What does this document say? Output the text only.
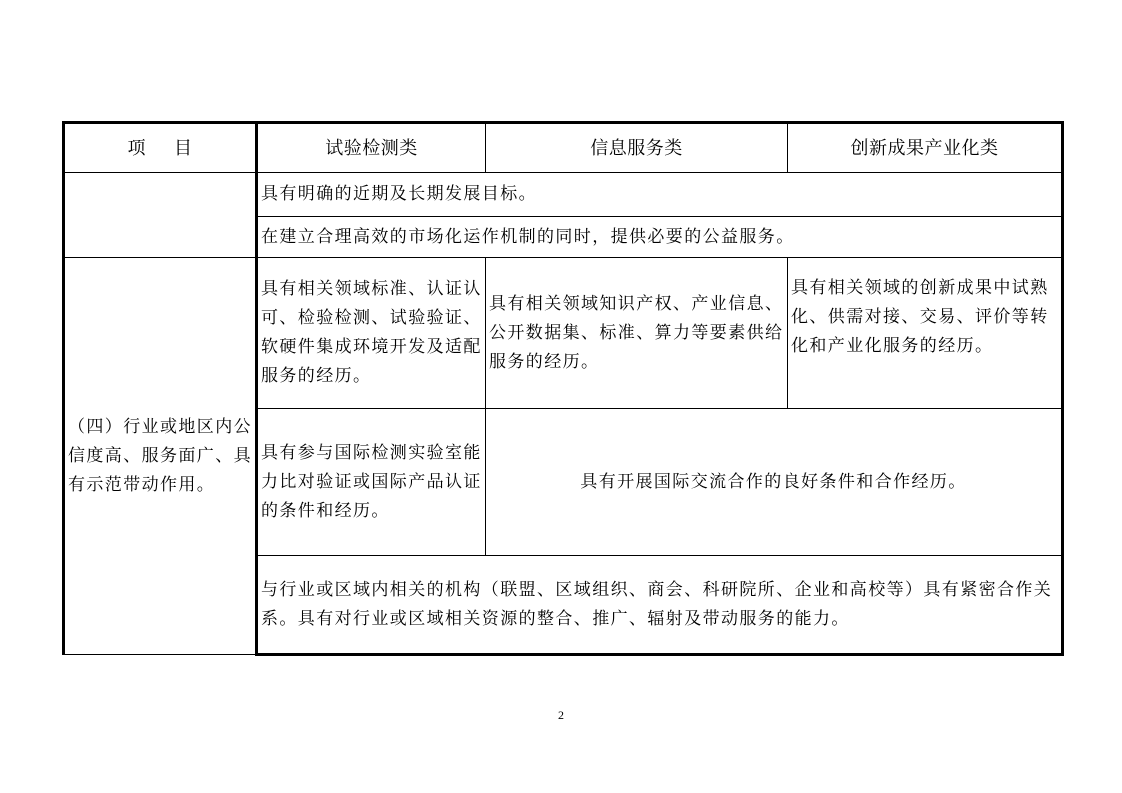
项 目	试验检测类	信息服务类	创新成果产业化类
	具有明确的近期及长期发展目标。		
	在建立合理高效的市场化运作机制的同时，提供必要的公益服务。		
（四）行业或地区内公信度高、服务面广、具有示范带动作用。	具有相关领域标准、认证认可、检验检测、试验验证、软硬件集成环境开发及适配服务的经历。	具有相关领域知识产权、产业信息、公开数据集、标准、算力等要素供给服务的经历。	具有相关领域的创新成果中试熟化、供需对接、交易、评价等转化和产业化服务的经历。
	具有参与国际检测实验室能力比对验证或国际产品认证的条件和经历。	具有开展国际交流合作的良好条件和合作经历。	
	与行业或区域内相关的机构（联盟、区域组织、商会、科研院所、企业和高校等）具有紧密合作关系。具有对行业或区域相关资源的整合、推广、辐射及带动服务的能力。		
2
